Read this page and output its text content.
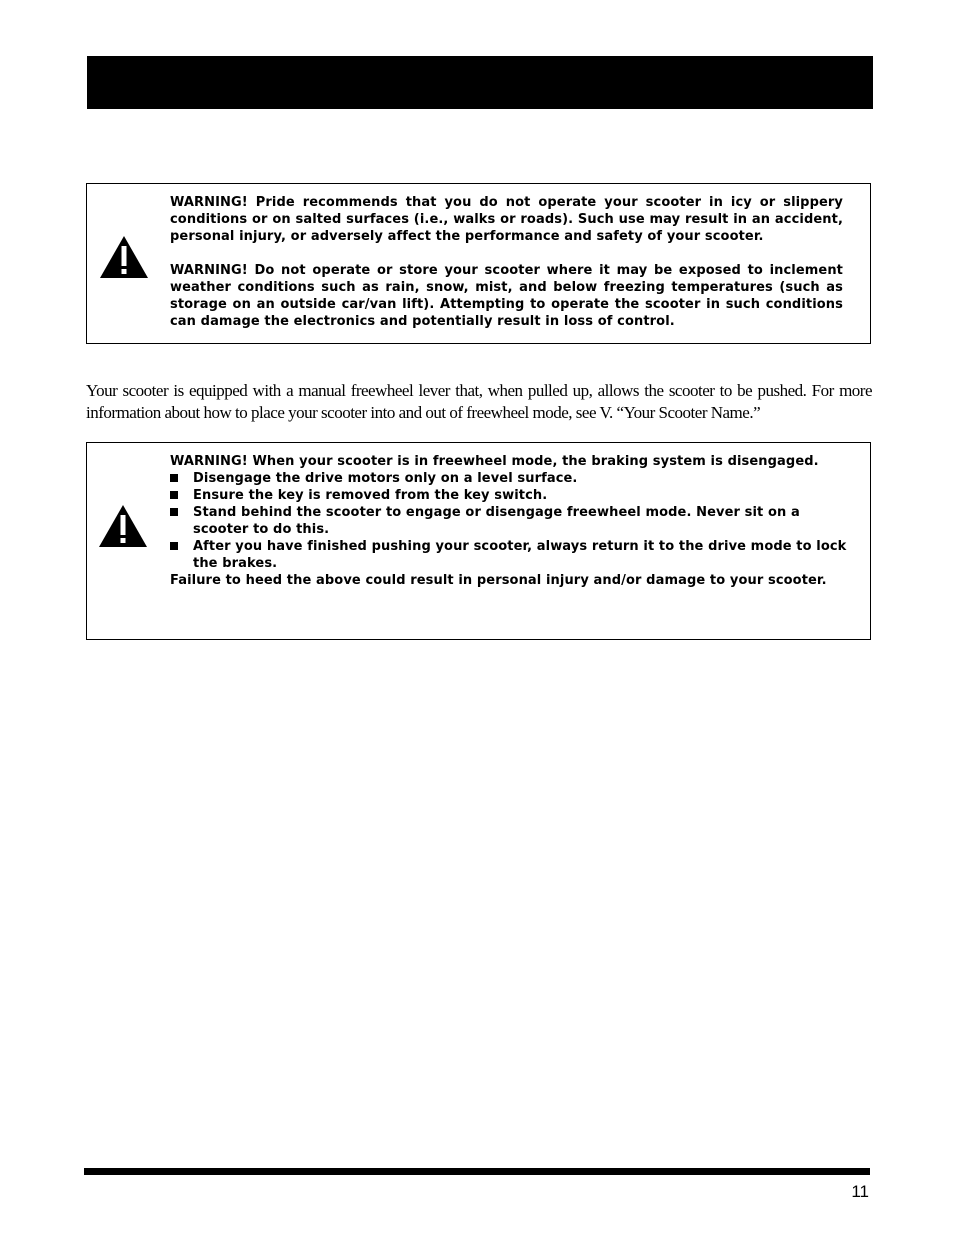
WARNING! Pride recommends that you do not operate your scooter in icy or slippery conditions or on salted surfaces (i.e., walks or roads). Such use may result in an accident, personal injury, or adversely affect the performance and safety of your scooter.

WARNING! Do not operate or store your scooter where it may be exposed to inclement weather conditions such as rain, snow, mist, and below freezing temperatures (such as storage on an outside car/van lift). Attempting to operate the scooter in such conditions can damage the electronics and potentially result in loss of control.

Your scooter is equipped with a manual freewheel lever that, when pulled up, allows the scooter to be pushed. For more information about how to place your scooter into and out of freewheel mode, see V. “Your Scooter Name.”

WARNING! When your scooter is in freewheel mode, the braking system is disengaged.

Disengage the drive motors only on a level surface.
Ensure the key is removed from the key switch.
Stand behind the scooter to engage or disengage freewheel mode. Never sit on a scooter to do this.
After you have finished pushing your scooter, always return it to the drive mode to lock the brakes.

Failure to heed the above could result in personal injury and/or damage to your scooter.

11
